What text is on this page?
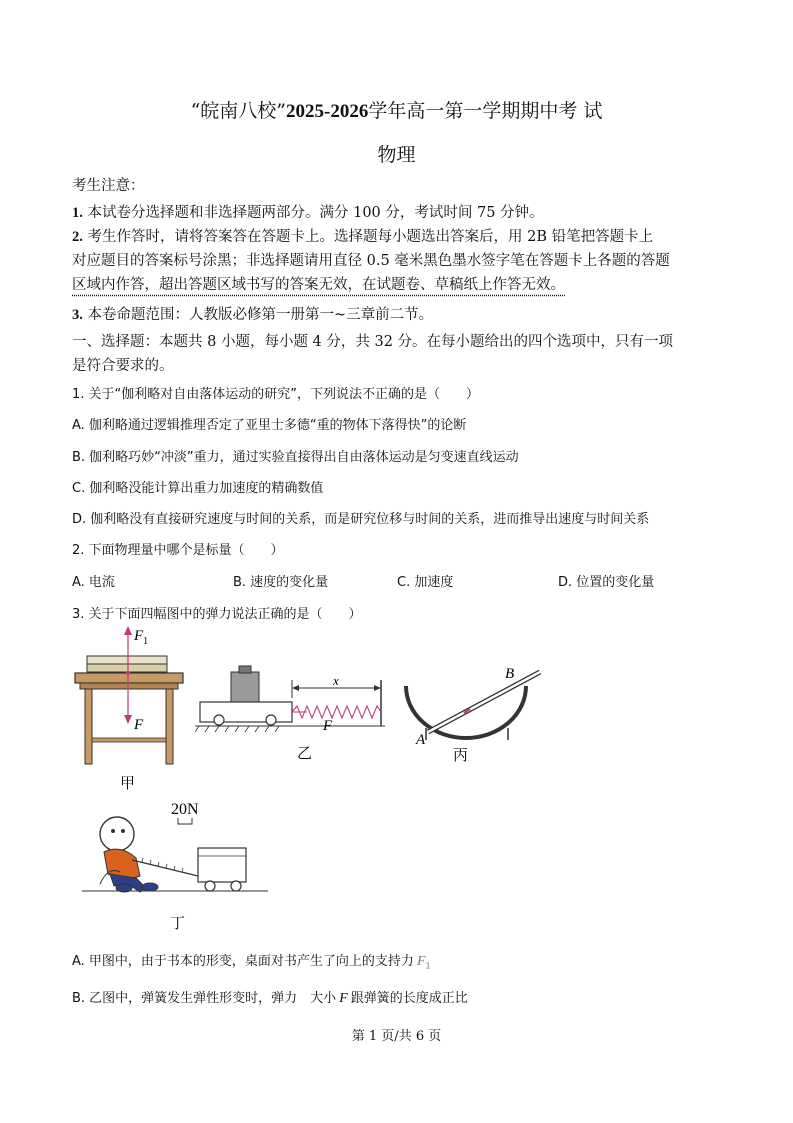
“皖南八校”2025-2026学年高一第一学期期中考 试
物理
考生注意：
1. 本试卷分选择题和非选择题两部分。满分 100 分，考试时间 75 分钟。
2. 考生作答时，请将答案答在答题卡上。选择题每小题选出答案后，用 2B 铅笔把答题卡上
对应题目的答案标号涂黑；非选择题请用直径 0.5 毫米黑色墨水签字笔在答题卡上各题的答题
区域内作答，超出答题区域书写的答案无效，在试题卷、草稿纸上作答无效。
3. 本卷命题范围：人教版必修第一册第一~三章前二节。
一、选择题：本题共 8 小题，每小题 4 分，共 32 分。在每小题给出的四个选项中，只有一项
是符合要求的。
1. 关于“伽利略对自由落体运动的研究”，下列说法不正确的是（　　）
A. 伽利略通过逻辑推理否定了亚里士多德“重的物体下落得快”的论断
B. 伽利略巧妙“冲淡”重力，通过实验直接得出自由落体运动是匀变速直线运动
C. 伽利略没能计算出重力加速度的精确数值
D. 伽利略没有直接研究速度与时间的关系，而是研究位移与时间的关系，进而推导出速度与时间关系
2. 下面物理量中哪个是标量（　　）
A. 电流	B. 速度的变化量	C. 加速度	D. 位置的变化量
3. 关于下面四幅图中的弹力说法正确的是（　　）
$F_1$
F
甲
x
F
乙
B
A
丙
20N
丁
A. 甲图中，由于书本的形变，桌面对书产生了向上的支持力 $F_1$
B. 乙图中，弹簧发生弹性形变时，弹力　大小 F 跟弹簧的长度成正比
第 1 页/共 6 页
